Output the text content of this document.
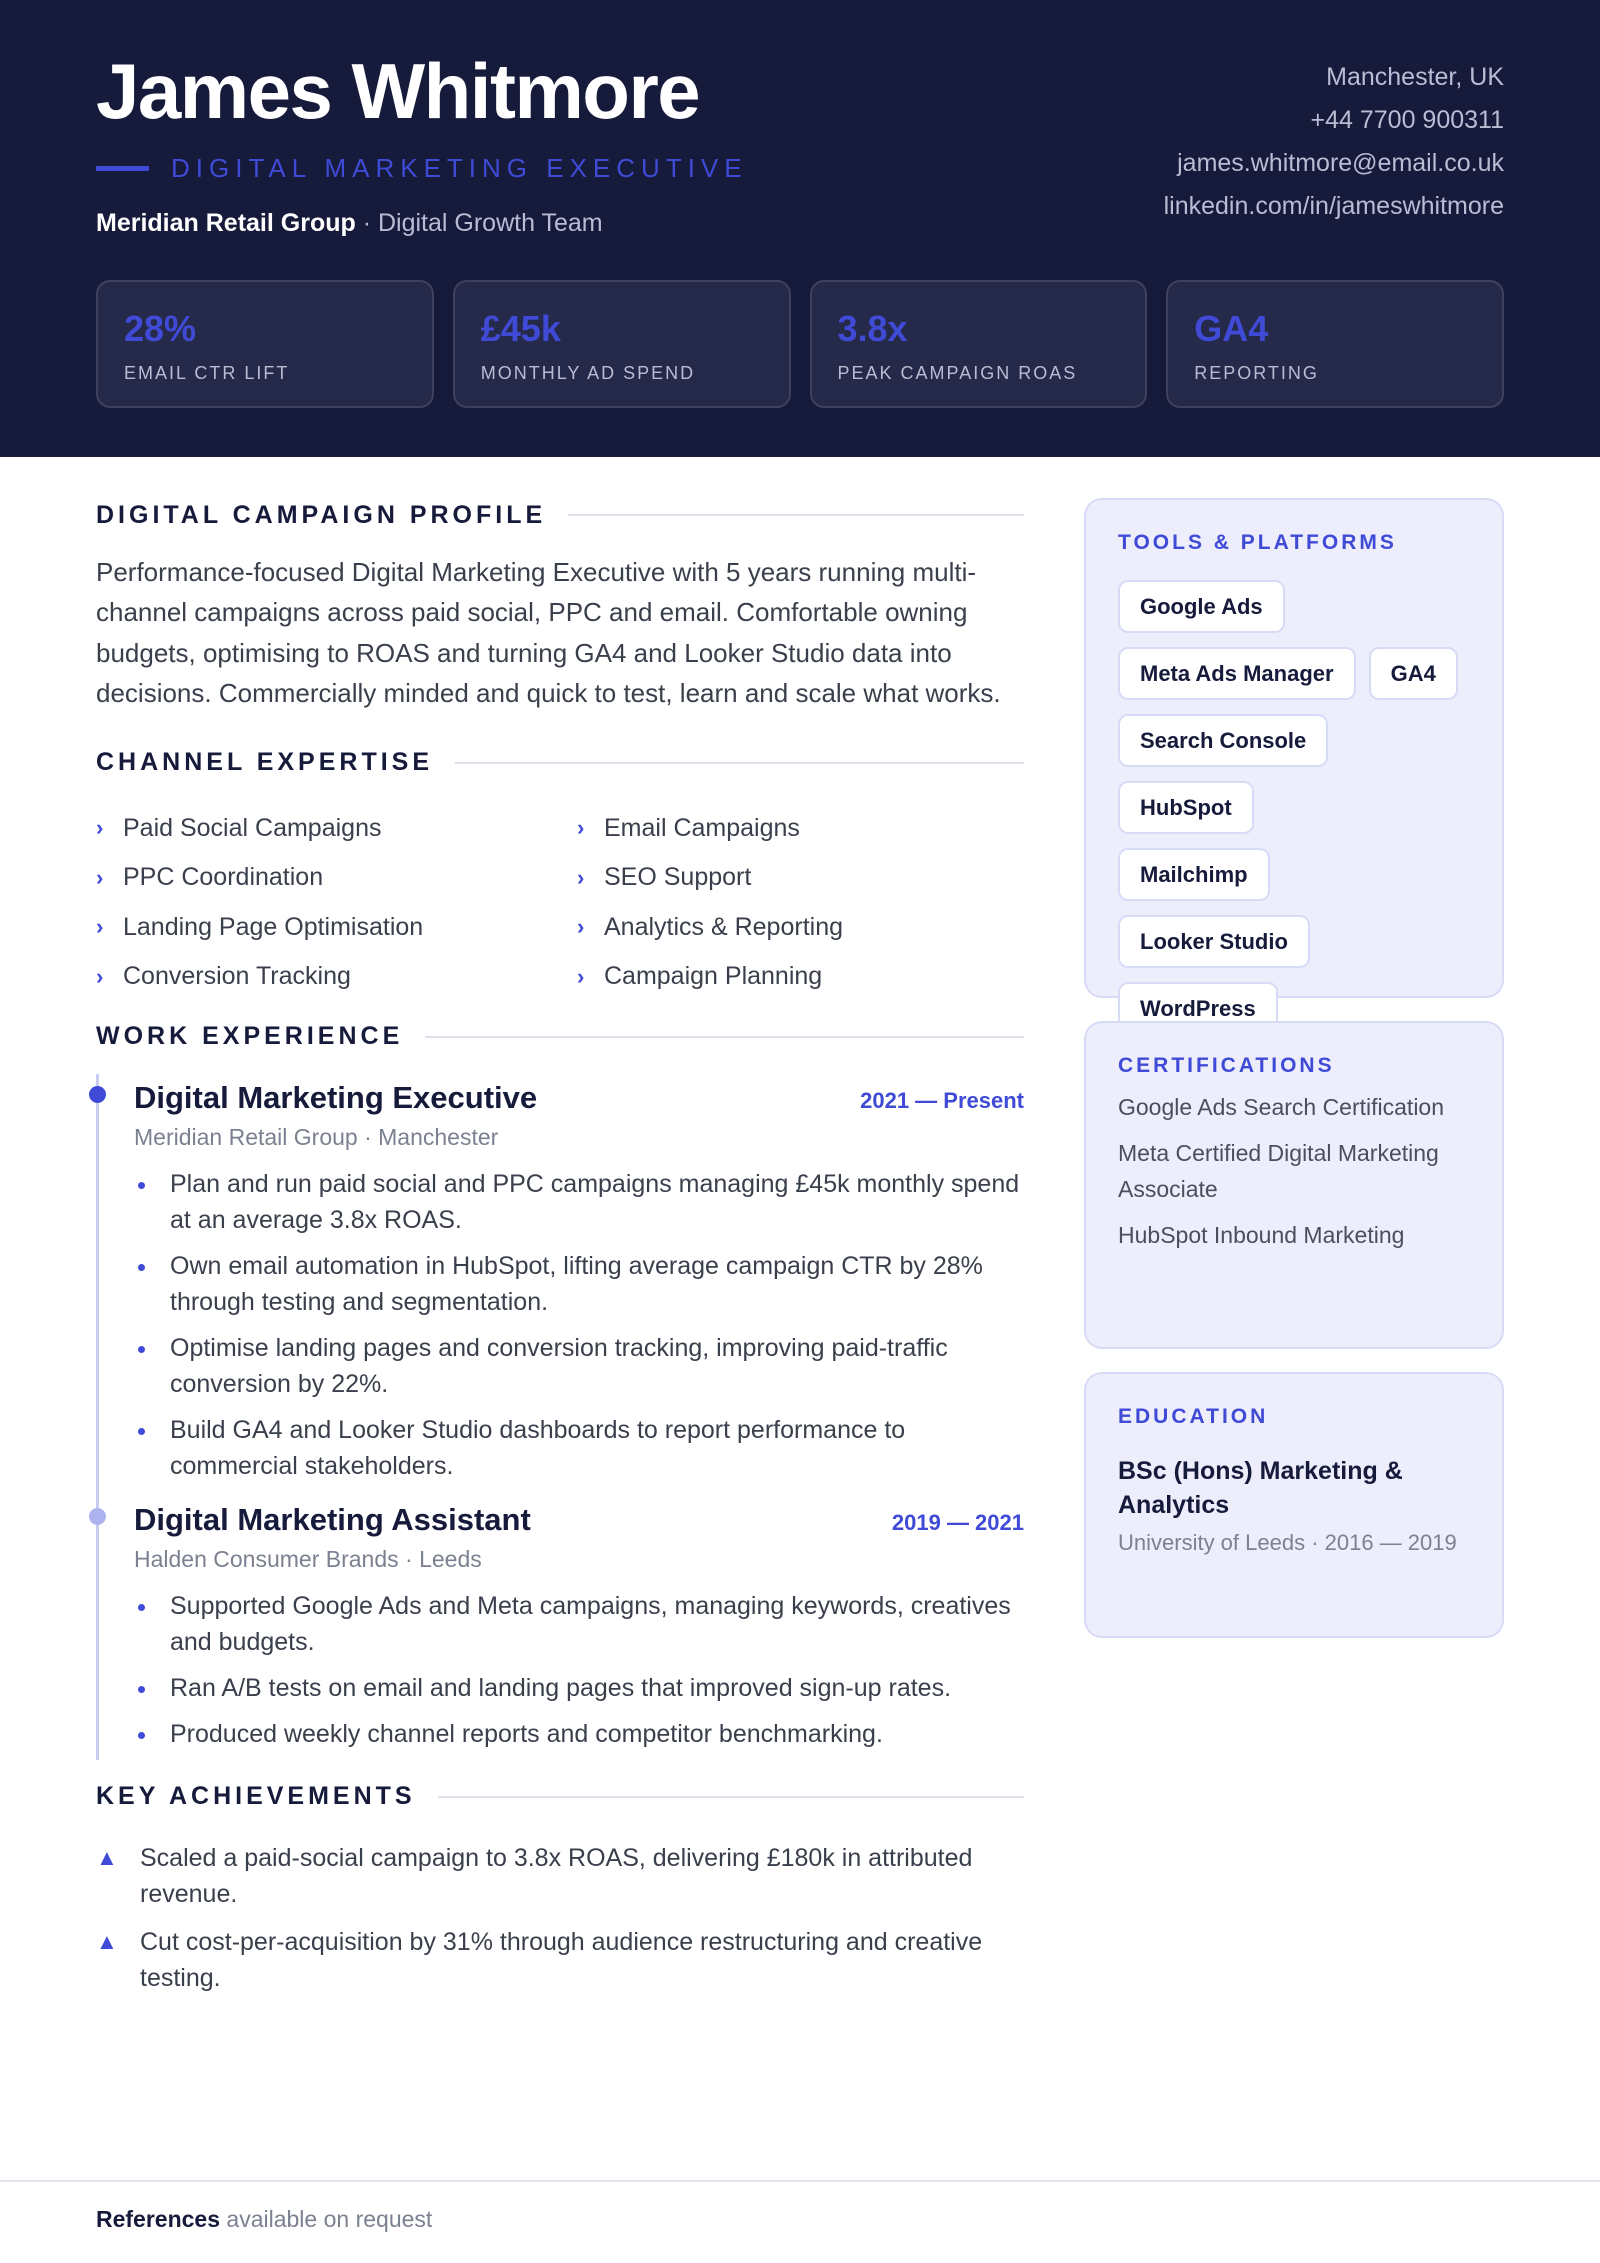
James Whitmore
DIGITAL MARKETING EXECUTIVE
Meridian Retail Group · Digital Growth Team
Manchester, UK
+44 7700 900311
james.whitmore@email.co.uk
linkedin.com/in/jameswhitmore
28%
EMAIL CTR LIFT
£45k
MONTHLY AD SPEND
3.8x
PEAK CAMPAIGN ROAS
GA4
REPORTING
DIGITAL CAMPAIGN PROFILE

Performance-focused Digital Marketing Executive with 5 years running multi-channel campaigns across paid social, PPC and email. Comfortable owning budgets, optimising to ROAS and turning GA4 and Looker Studio data into decisions. Commercially minded and quick to test, learn and scale what works.

CHANNEL EXPERTISE
› Paid Social Campaigns	› Email Campaigns
› PPC Coordination	› SEO Support
› Landing Page Optimisation	› Analytics & Reporting
› Conversion Tracking	› Campaign Planning
WORK EXPERIENCE
Digital Marketing Executive	2021 — Present
Meridian Retail Group · Manchester
Plan and run paid social and PPC campaigns managing £45k monthly spend at an average 3.8x ROAS.
Own email automation in HubSpot, lifting average campaign CTR by 28% through testing and segmentation.
Optimise landing pages and conversion tracking, improving paid-traffic conversion by 22%.
Build GA4 and Looker Studio dashboards to report performance to commercial stakeholders.
Digital Marketing Assistant	2019 — 2021
Halden Consumer Brands · Leeds
Supported Google Ads and Meta campaigns, managing keywords, creatives and budgets.
Ran A/B tests on email and landing pages that improved sign-up rates.
Produced weekly channel reports and competitor benchmarking.
KEY ACHIEVEMENTS
▲ Scaled a paid-social campaign to 3.8x ROAS, delivering £180k in attributed revenue.
▲ Cut cost-per-acquisition by 31% through audience restructuring and creative testing.
TOOLS & PLATFORMS
Google Ads
Meta Ads Manager	GA4
Search Console
HubSpot
Mailchimp
Looker Studio
WordPress
CERTIFICATIONS
Google Ads Search Certification
Meta Certified Digital Marketing Associate
HubSpot Inbound Marketing
EDUCATION
BSc (Hons) Marketing & Analytics
University of Leeds · 2016 — 2019
References available on request
